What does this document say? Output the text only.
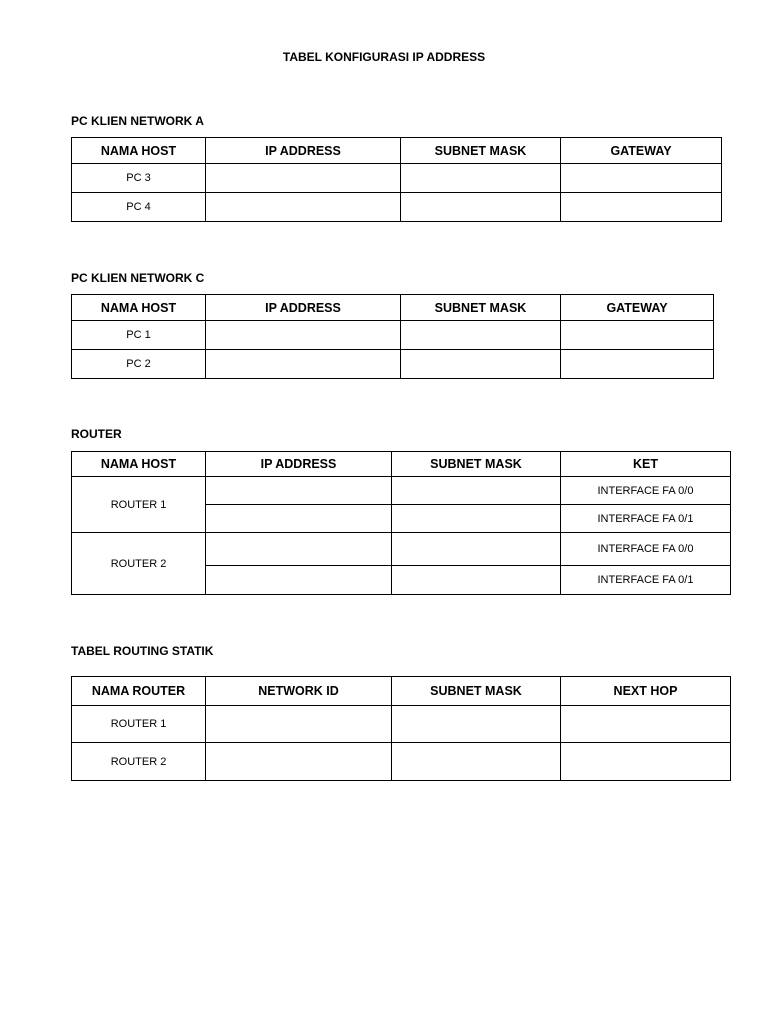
TABEL KONFIGURASI IP ADDRESS
PC KLIEN NETWORK A
NAMA HOST	IP ADDRESS	SUBNET MASK	GATEWAY
PC 3			
PC 4			
PC KLIEN NETWORK C
NAMA HOST	IP ADDRESS	SUBNET MASK	GATEWAY
PC 1			
PC 2			
ROUTER
NAMA HOST	IP ADDRESS	SUBNET MASK	KET
ROUTER 1			INTERFACE FA 0/0
			INTERFACE FA 0/1
ROUTER 2			INTERFACE FA 0/0
			INTERFACE FA 0/1
TABEL ROUTING STATIK
NAMA ROUTER	NETWORK ID	SUBNET MASK	NEXT HOP
ROUTER 1			
ROUTER 2			
